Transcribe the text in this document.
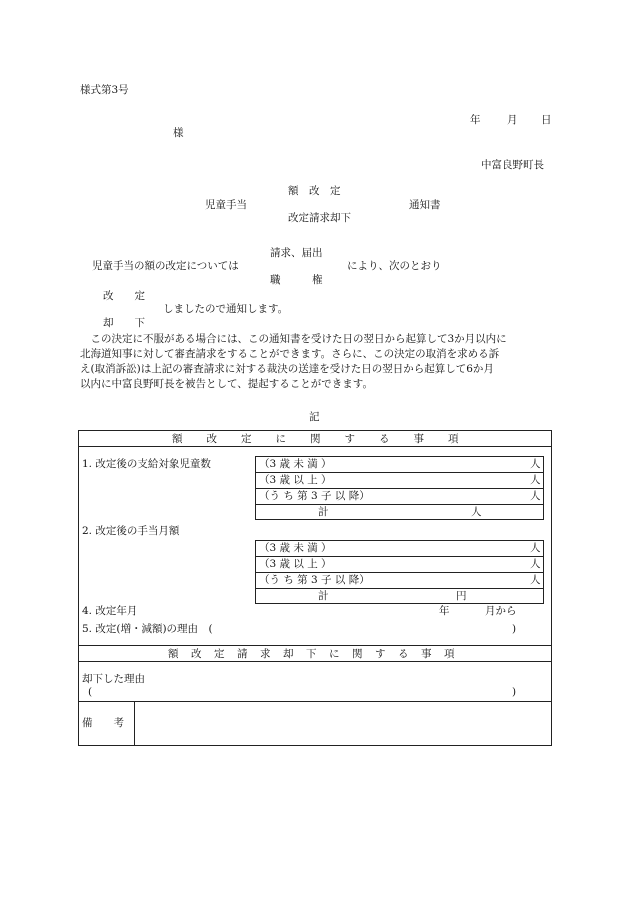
様式第3号
年	月 日
様
中富良野町長
額　改　定
児童手当	通知書
改定請求却下
請求、届出
児童手当の額の改定については	により、次のとおり
職　　　権
改　　定
しましたので通知します。
却　　下
　この決定に不服がある場合には、この通知書を受けた日の翌日から起算して3か月以内に
北海道知事に対して審査請求をすることができます。さらに、この決定の取消を求める訴
え(取消訴訟)は上記の審査請求に対する裁決の送達を受けた日の翌日から起算して6か月
以内に中富良野町長を被告として、提起することができます。
記
額　　改　　定　　に　　関　　す　　る　　事　　項
1. 改定後の支給対象児童数	（3 歳 未 満 ）	人
（3 歳 以 上 ）	人
（う ち 第 3 子 以 降）	人
計	人
2. 改定後の手当月額
（3 歳 未 満 ）	人
（3 歳 以 上 ）	人
（う ち 第 3 子 以 降）	人
計	円
4. 改定年月	年	月から
5. 改定(増・減額)の理由　(	)
額　改　定　請　求　却　下　に　関　す　る　事　項
却下した理由
(	)
備　　考
